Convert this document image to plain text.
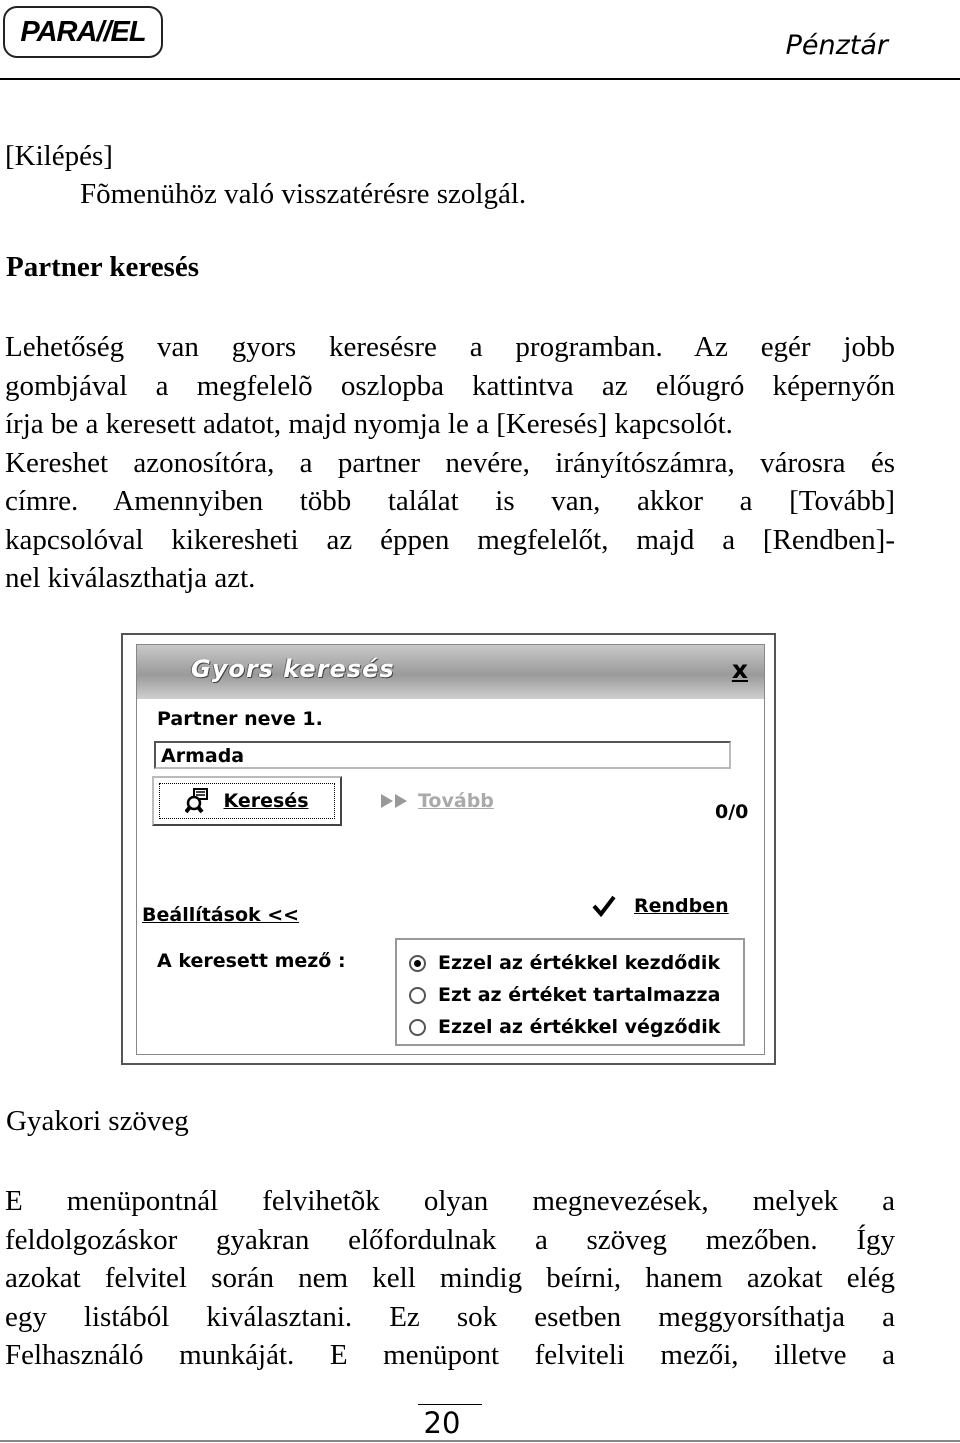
PARA//EL	Pénztár
[Kilépés]
Fõmenühöz való visszatérésre szolgál.
Partner keresés
Lehetőség van gyors keresésre a programban. Az egér jobb
gombjával a megfelelõ oszlopba kattintva az előugró képernyőn
írja be a keresett adatot, majd nyomja le a [Keresés] kapcsolót.
Kereshet azonosítóra, a partner nevére, irányítószámra, városra és
címre. Amennyiben több találat is van, akkor a [Tovább]
kapcsolóval kikeresheti az éppen megfelelőt, majd a [Rendben]-
nel kiválaszthatja azt.
Gyors keresés	x
Partner neve 1.
Armada
Keresés	Tovább	0/0
Beállítások <<	Rendben
A keresett mező :	Ezzel az értékkel kezdődik
Ezt az értéket tartalmazza
Ezzel az értékkel végződik
Gyakori szöveg
E menüpontnál felvihetõk olyan megnevezések, melyek a
feldolgozáskor gyakran előfordulnak a szöveg mezőben. Így
azokat felvitel során nem kell mindig beírni, hanem azokat elég
egy listából kiválasztani. Ez sok esetben meggyorsíthatja a
Felhasználó munkáját. E menüpont felviteli mezői, illetve a
20
